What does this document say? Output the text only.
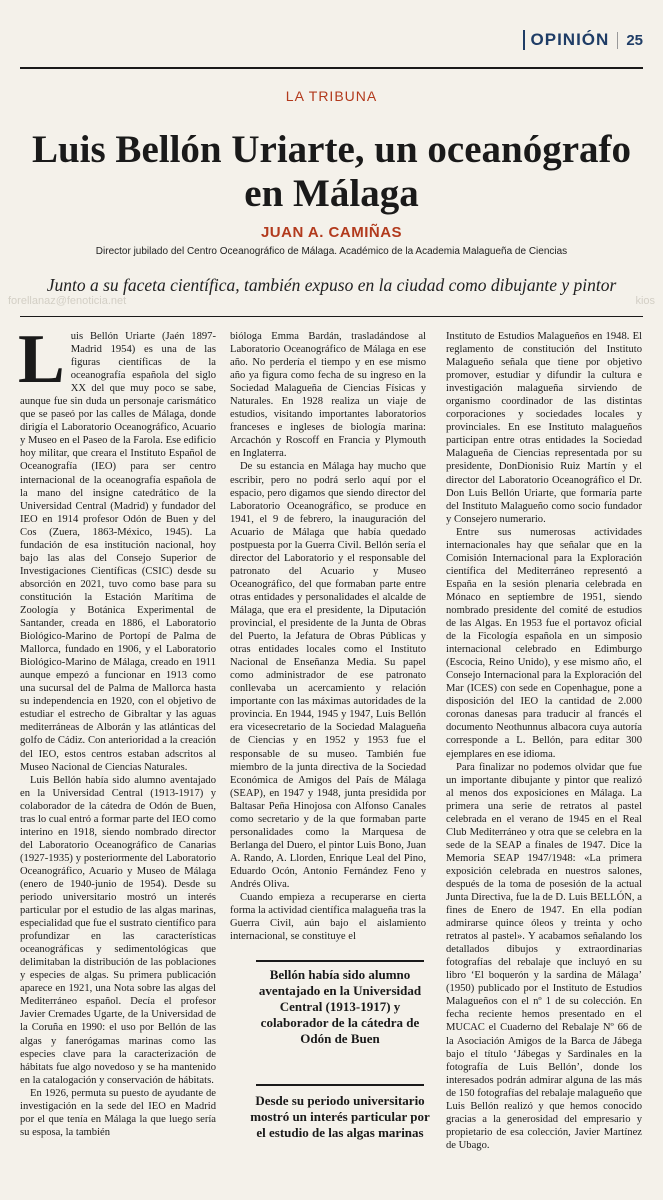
OPINIÓN	25
LA TRIBUNA
Luis Bellón Uriarte, un oceanógrafo en Málaga
JUAN A. CAMIÑAS
Director jubilado del Centro Oceanográfico de Málaga. Académico de la Academia Malagueña de Ciencias
Junto a su faceta científica, también expuso en la ciudad como dibujante y pintor
forellanaz@fenoticia.net	kios

Luis Bellón Uriarte (Jaén 1897-Madrid 1954) es una de las figuras científicas de la oceanografía española del siglo XX del que muy poco se sabe, aunque fue sin duda un personaje carismático que se paseó por las calles de Málaga, donde dirigía el Laboratorio Oceanográfico, Acuario y Museo en el Paseo de la Farola. Ese edificio hoy militar, que creara el Instituto Español de Oceanografía (IEO) para ser centro internacional de la oceanografía española de la mano del insigne catedrático de la Universidad Central (Madrid) y fundador del IEO en 1914 profesor Odón de Buen y del Cos (Zuera, 1863-México, 1945). La fundación de esa institución nacional, hoy bajo las alas del Consejo Superior de Investigaciones Científicas (CSIC) desde su absorción en 2021, tuvo como base para su constitución la Estación Marítima de Zoología y Botánica Experimental de Santander, creada en 1886, el Laboratorio Biológico-Marino de Portopí de Palma de Mallorca, fundado en 1906, y el Laboratorio Biológico-Marino de Málaga, creado en 1911 aunque empezó a funcionar en 1913 como una sucursal del de Palma de Mallorca hasta su independencia en 1920, con el objetivo de estudiar el estrecho de Gibraltar y las aguas mediterráneas de Alborán y las atlánticas del golfo de Cádiz. Con anterioridad a la creación del IEO, estos centros estaban adscritos al Museo Nacional de Ciencias Naturales.

Luis Bellón había sido alumno aventajado en la Universidad Central (1913-1917) y colaborador de la cátedra de Odón de Buen, tras lo cual entró a formar parte del IEO como interino en 1918, siendo nombrado director del Laboratorio Oceanográfico de Canarias (1927-1935) y posteriormente del Laboratorio Oceanográfico, Acuario y Museo de Málaga (enero de 1940-junio de 1954). Desde su periodo universitario mostró un interés particular por el estudio de las algas marinas, especialidad que fue el sustrato científico para profundizar en las características oceanográficas y sedimentológicas que delimitaban la distribución de las poblaciones y especies de algas. Su primera publicación aparece en 1921, una Nota sobre las algas del Mediterráneo español. Decía el profesor Javier Cremades Ugarte, de la Universidad de la Coruña en 1990: el uso por Bellón de las algas y fanerógamas marinas como las especies clave para la caracterización de hábitats fue algo novedoso y se ha mantenido en la catalogación y conservación de hábitats.

En 1926, permuta su puesto de ayudante de investigación en la sede del IEO en Madrid por el que tenía en Málaga la que luego sería su esposa, la también

bióloga Emma Bardán, trasladándose al Laboratorio Oceanográfico de Málaga en ese año. No perdería el tiempo y en ese mismo año ya figura como fecha de su ingreso en la Sociedad Malagueña de Ciencias Físicas y Naturales. En 1928 realiza un viaje de estudios, visitando importantes laboratorios franceses e ingleses de biología marina: Arcachón y Roscoff en Francia y Plymouth en Inglaterra.

De su estancia en Málaga hay mucho que escribir, pero no podrá serlo aquí por el espacio, pero digamos que siendo director del Laboratorio Oceanográfico, se produce en 1941, el 9 de febrero, la inauguración del Acuario de Málaga que había quedado postpuesta por la Guerra Civil. Bellón sería el director del Laboratorio y el responsable del patronato del Acuario y Museo Oceanográfico, del que formaban parte entre otras entidades y personalidades el alcalde de Málaga, que era el presidente, la Diputación provincial, el presidente de la Junta de Obras del Puerto, la Jefatura de Obras Públicas y otras entidades locales como el Instituto Nacional de Enseñanza Media. Su papel como administrador de ese patronato conllevaba un acercamiento y relación importante con las máximas autoridades de la provincia. En 1944, 1945 y 1947, Luis Bellón era vicesecretario de la Sociedad Malagueña de Ciencias y en 1952 y 1953 fue el responsable de su museo. También fue miembro de la junta directiva de la Sociedad Económica de Amigos del País de Málaga (SEAP), en 1947 y 1948, junta presidida por Baltasar Peña Hinojosa con Alfonso Canales como secretario y de la que formaban parte personalidades como la Marquesa de Berlanga del Duero, el pintor Luis Bono, Juan A. Rando, A. Llorden, Enrique Leal del Pino, Eduardo Ocón, Antonio Fernández Feno y Andrés Oliva.

Cuando empieza a recuperarse en cierta forma la actividad científica malagueña tras la Guerra Civil, aún bajo el aislamiento internacional, se constituye el

Bellón había sido alumno aventajado en la Universidad Central (1913-1917) y colaborador de la cátedra de Odón de Buen
Desde su periodo universitario mostró un interés particular por el estudio de las algas marinas

Instituto de Estudios Malagueños en 1948. El reglamento de constitución del Instituto Malagueño señala que tiene por objetivo promover, estudiar y difundir la cultura e investigación malagueña sirviendo de organismo coordinador de las distintas corporaciones y sociedades locales y provinciales. En ese Instituto malagueños participan entre otras entidades la Sociedad Malagueña de Ciencias representada por su presidente, DonDionisio Ruiz Martín y el director del Laboratorio Oceanográfico el Dr. Don Luis Bellón Uriarte, que formaría parte del Instituto Malagueño como socio fundador y Consejero numerario.

Entre sus numerosas actividades internacionales hay que señalar que en la Comisión Internacional para la Exploración científica del Mediterráneo representó a España en la sesión plenaria celebrada en Mónaco en septiembre de 1951, siendo nombrado presidente del comité de estudios de las Algas. En 1953 fue el portavoz oficial de la Ficología española en un simposio internacional celebrado en Edimburgo (Escocia, Reino Unido), y ese mismo año, el Consejo Internacional para la Exploración del Mar (ICES) con sede en Copenhague, pone a disposición del IEO la cantidad de 2.000 coronas danesas para traducir al francés el documento Neothunnus albacora cuya autoría corresponde a L. Bellón, para editar 300 ejemplares en ese idioma.

Para finalizar no podemos olvidar que fue un importante dibujante y pintor que realizó al menos dos exposiciones en Málaga. La primera una serie de retratos al pastel celebrada en el verano de 1945 en el Real Club Mediterráneo y otra que se celebra en la sede de la SEAP a finales de 1947. Dice la Memoria SEAP 1947/1948: «La primera exposición celebrada en nuestros salones, después de la toma de posesión de la actual Junta Directiva, fue la de D. Luis BELLÓN, a fines de Enero de 1947. En ella podían admirarse quince óleos y treinta y ocho retratos al pastel». Y acabamos señalando los detallados dibujos y extraordinarias fotografías del rebalaje que incluyó en su libro ‘El boquerón y la sardina de Málaga’ (1950) publicado por el Instituto de Estudios Malagueños con el nº 1 de su colección. En fecha reciente hemos presentado en el MUCAC el Cuaderno del Rebalaje Nº 66 de la Asociación Amigos de la Barca de Jábega bajo el título ‘Jábegas y Sardinales en la fotografía de Luis Bellón’, donde los interesados podrán admirar alguna de las más de 150 fotografías del rebalaje malagueño que Luis Bellón realizó y que hemos conocido gracias a la generosidad del empresario y propietario de esa colección, Javier Martínez de Ubago.
